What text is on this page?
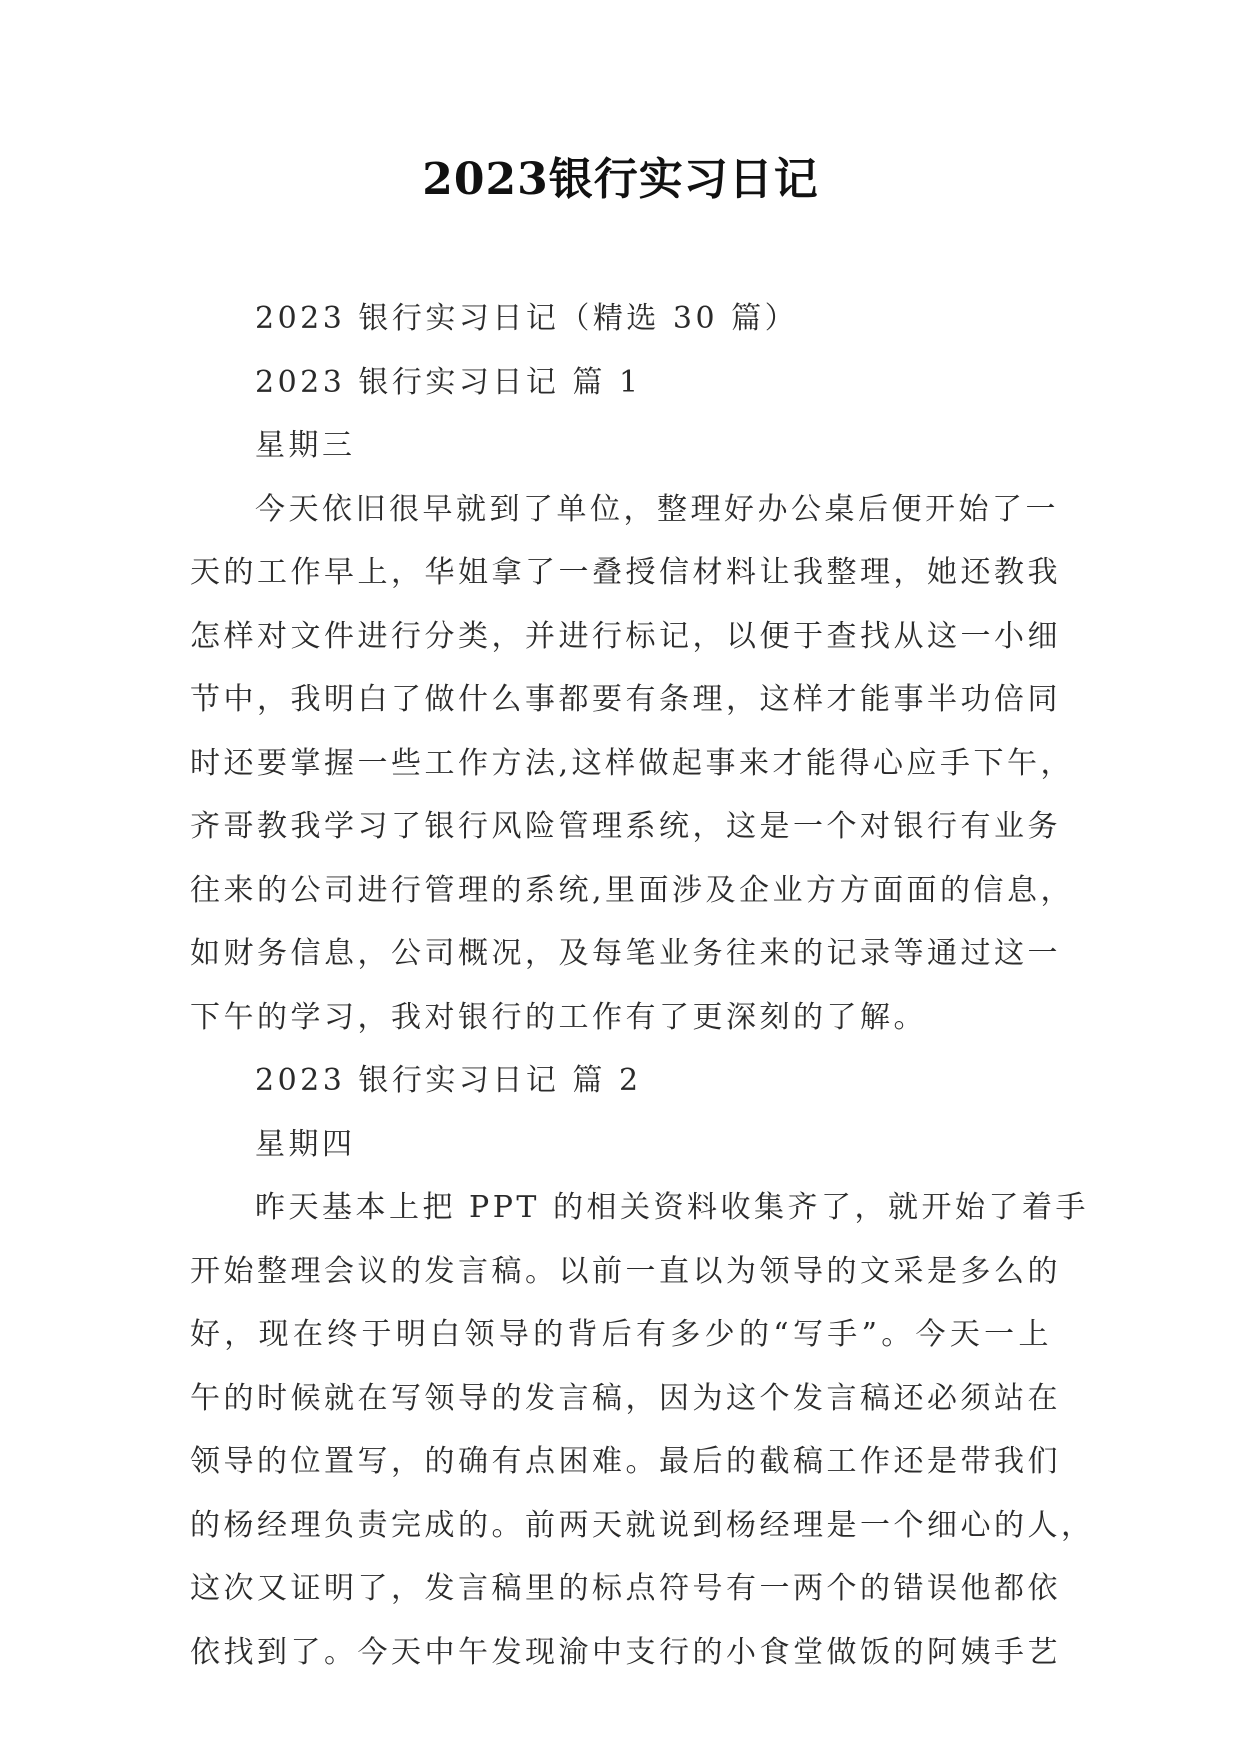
2023银行实习日记

2023 银行实习日记（精选 30 篇）

2023 银行实习日记 篇 1

星期三

今天依旧很早就到了单位，整理好办公桌后便开始了一

天的工作早上，华姐拿了一叠授信材料让我整理，她还教我

怎样对文件进行分类，并进行标记，以便于查找从这一小细

节中，我明白了做什么事都要有条理，这样才能事半功倍同

时还要掌握一些工作方法,这样做起事来才能得心应手下午，

齐哥教我学习了银行风险管理系统，这是一个对银行有业务

往来的公司进行管理的系统,里面涉及企业方方面面的信息，

如财务信息，公司概况，及每笔业务往来的记录等通过这一

下午的学习，我对银行的工作有了更深刻的了解。

2023 银行实习日记 篇 2

星期四

昨天基本上把 PPT 的相关资料收集齐了，就开始了着手

开始整理会议的发言稿。以前一直以为领导的文采是多么的

好，现在终于明白领导的背后有多少的“写手”。今天一上

午的时候就在写领导的发言稿，因为这个发言稿还必须站在

领导的位置写，的确有点困难。最后的截稿工作还是带我们

的杨经理负责完成的。前两天就说到杨经理是一个细心的人，

这次又证明了，发言稿里的标点符号有一两个的错误他都依

依找到了。今天中午发现渝中支行的小食堂做饭的阿姨手艺
